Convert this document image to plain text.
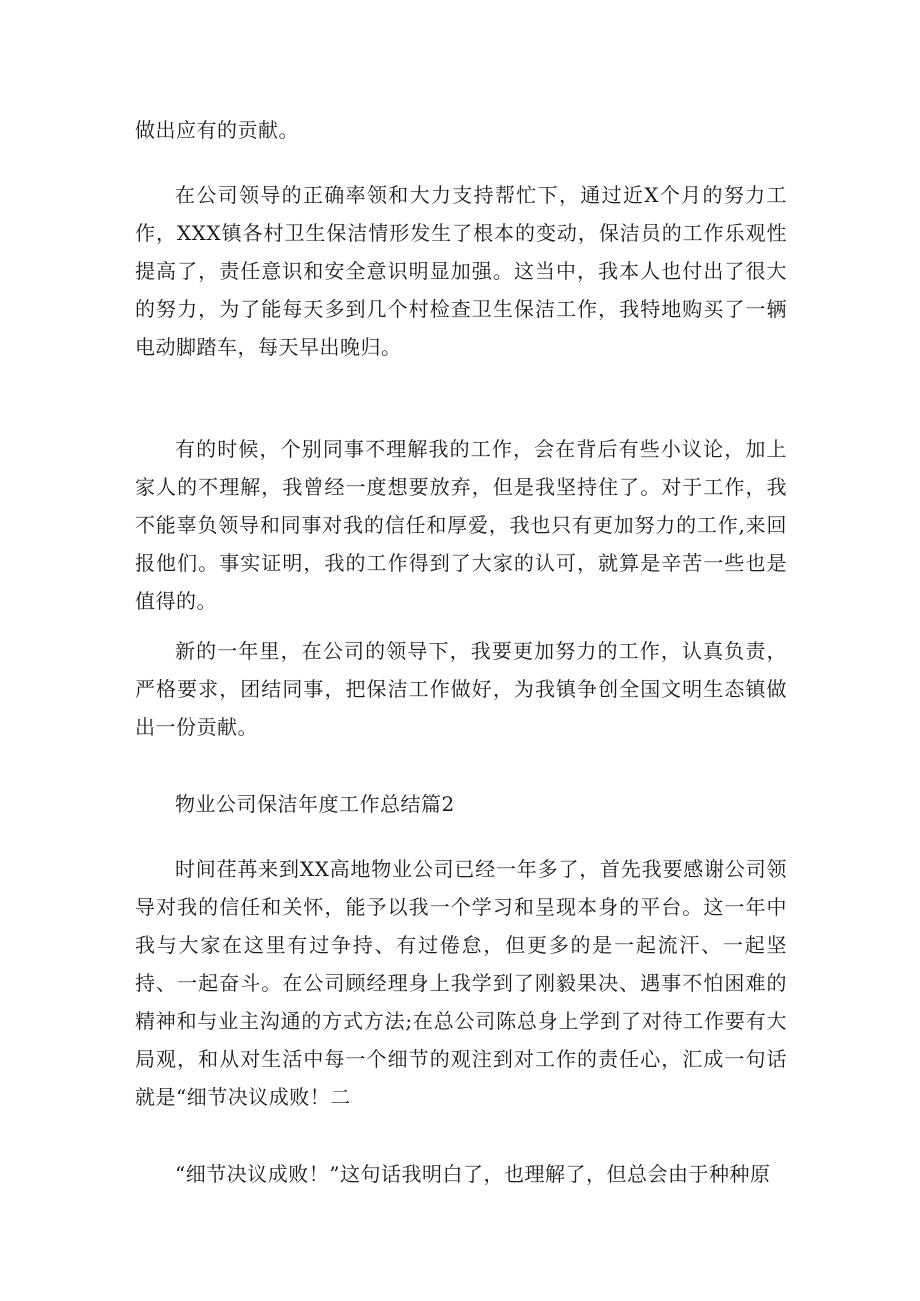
做出应有的贡献。

在公司领导的正确率领和大力支持帮忙下，通过近X个月的努力工作，XXX镇各村卫生保洁情形发生了根本的变动，保洁员的工作乐观性提高了，责任意识和安全意识明显加强。这当中，我本人也付出了很大的努力，为了能每天多到几个村检查卫生保洁工作，我特地购买了一辆电动脚踏车，每天早出晚归。

有的时候，个别同事不理解我的工作，会在背后有些小议论，加上家人的不理解，我曾经一度想要放弃，但是我坚持住了。对于工作，我不能辜负领导和同事对我的信任和厚爱，我也只有更加努力的工作,来回报他们。事实证明，我的工作得到了大家的认可，就算是辛苦一些也是值得的。

新的一年里，在公司的领导下，我要更加努力的工作，认真负责，严格要求，团结同事，把保洁工作做好，为我镇争创全国文明生态镇做出一份贡献。

物业公司保洁年度工作总结篇2

时间荏苒来到XX高地物业公司已经一年多了，首先我要感谢公司领导对我的信任和关怀，能予以我一个学习和呈现本身的平台。这一年中我与大家在这里有过争持、有过倦怠，但更多的是一起流汗、一起坚持、一起奋斗。在公司顾经理身上我学到了刚毅果决、遇事不怕困难的精神和与业主沟通的方式方法;在总公司陈总身上学到了对待工作要有大局观，和从对生活中每一个细节的观注到对工作的责任心，汇成一句话就是“细节决议成败！二

“细节决议成败！”这句话我明白了，也理解了，但总会由于种种原
